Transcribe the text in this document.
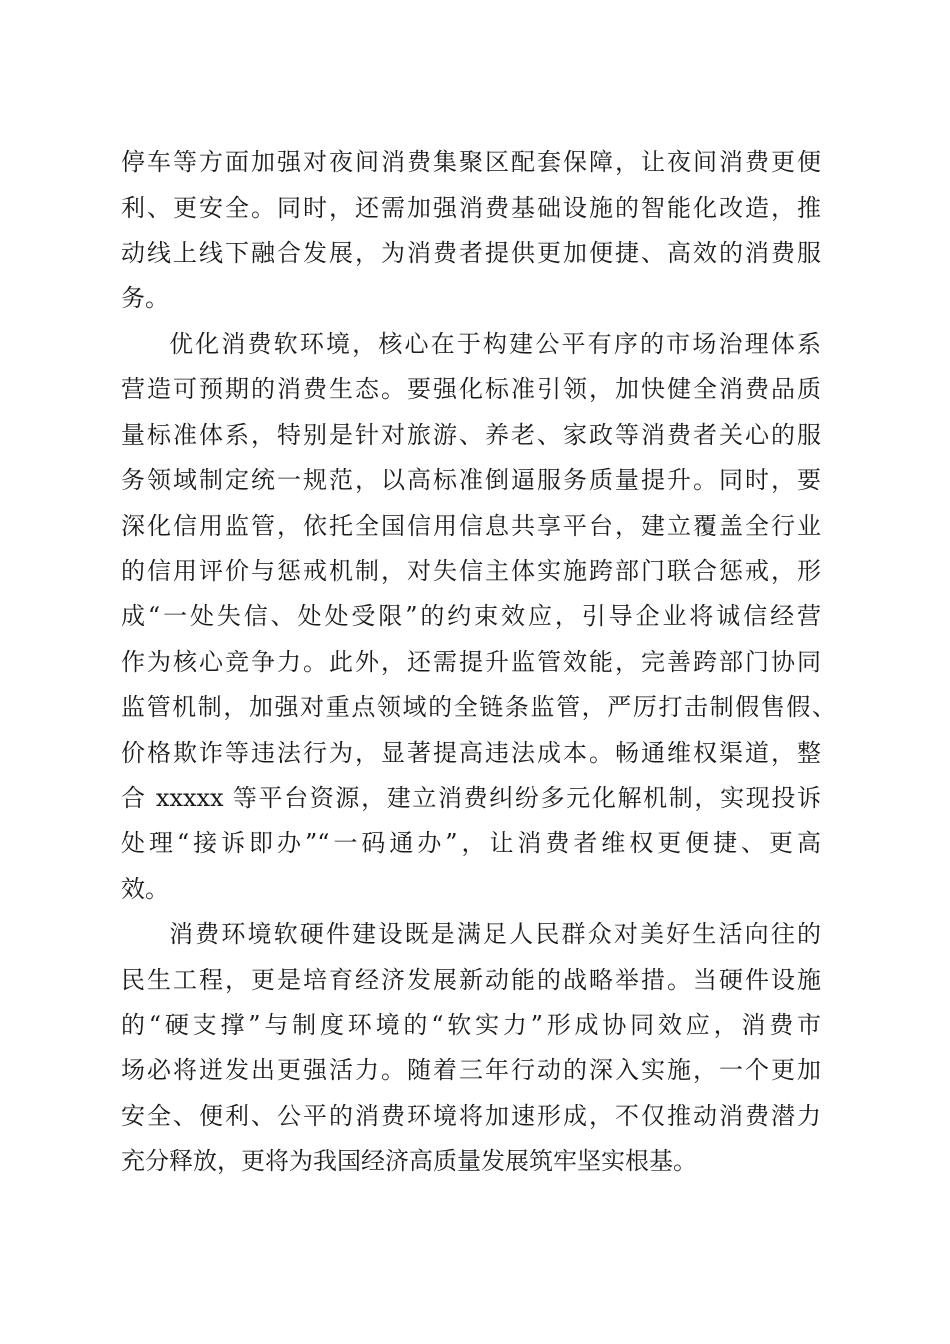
停车等方面加强对夜间消费集聚区配套保障，让夜间消费更便
利、更安全。同时，还需加强消费基础设施的智能化改造，推
动线上线下融合发展，为消费者提供更加便捷、高效的消费服
务。
优化消费软环境，核心在于构建公平有序的市场治理体系
营造可预期的消费生态。要强化标准引领，加快健全消费品质
量标准体系，特别是针对旅游、养老、家政等消费者关心的服
务领域制定统一规范，以高标准倒逼服务质量提升。同时，要
深化信用监管，依托全国信用信息共享平台，建立覆盖全行业
的信用评价与惩戒机制，对失信主体实施跨部门联合惩戒，形
成“一处失信、处处受限”的约束效应，引导企业将诚信经营
作为核心竞争力。此外，还需提升监管效能，完善跨部门协同
监管机制，加强对重点领域的全链条监管，严厉打击制假售假、
价格欺诈等违法行为，显著提高违法成本。畅通维权渠道，整
合 xxxxx 等平台资源，建立消费纠纷多元化解机制，实现投诉
处理“接诉即办”“一码通办”，让消费者维权更便捷、更高
效。
消费环境软硬件建设既是满足人民群众对美好生活向往的
民生工程，更是培育经济发展新动能的战略举措。当硬件设施
的“硬支撑”与制度环境的“软实力”形成协同效应，消费市
场必将迸发出更强活力。随着三年行动的深入实施，一个更加
安全、便利、公平的消费环境将加速形成，不仅推动消费潜力
充分释放，更将为我国经济高质量发展筑牢坚实根基。
